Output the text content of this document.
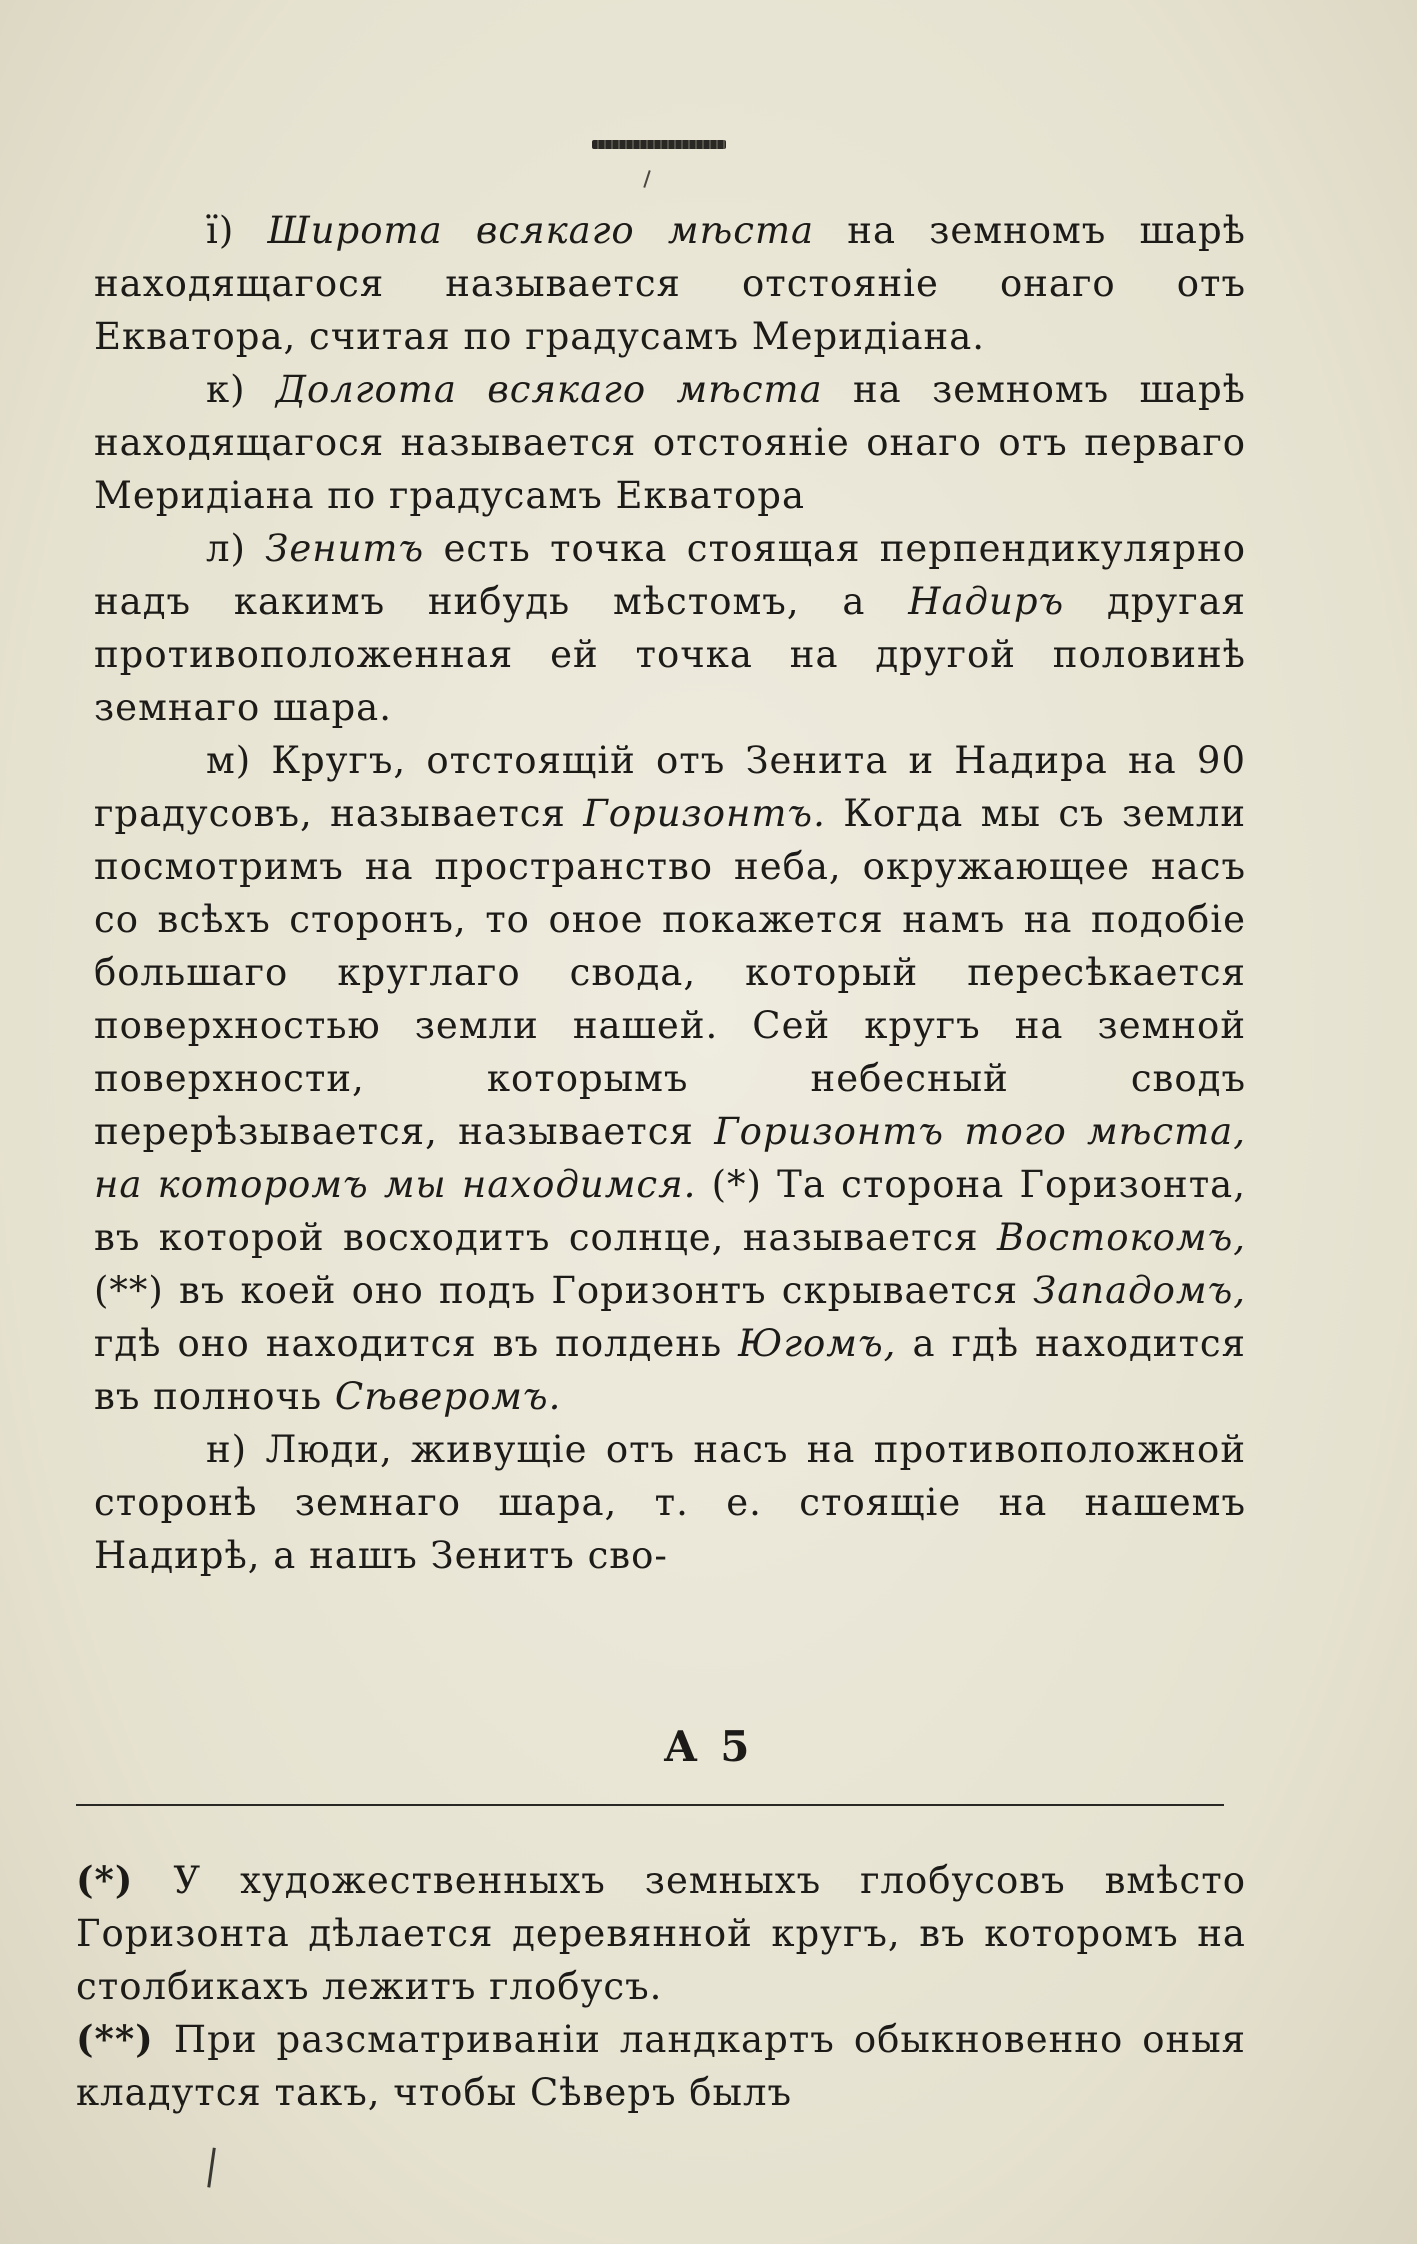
ї) Широта всякаго мѣста на земномъ шарѣ находящагося называется отстояніе онаго отъ Екватора, считая по градусамъ Меридіана.

к) Долгота всякаго мѣста на земномъ шарѣ находящагося называется отстояніе онаго отъ перваго Меридіана по градусамъ Екватора

л) Зенитъ есть точка стоящая перпендикулярно надъ какимъ нибудь мѣстомъ, а Надиръ другая противоположенная ей точка на другой половинѣ земнаго шара.

м) Кругъ, отстоящій отъ Зенита и Надира на 90 градусовъ, называется Горизонтъ. Когда мы съ земли посмотримъ на пространство неба, окружающее насъ со всѣхъ сторонъ, то оное покажется намъ на подобіе большаго круглаго свода, который пересѣкается поверхностью земли нашей. Сей кругъ на земной поверхности, которымъ небесный сводъ перерѣзывается, называется Горизонтъ того мѣста, на которомъ мы находимся. (*) Та сторона Горизонта, въ которой восходитъ солнце, называется Востокомъ, (**) въ коей оно подъ Горизонтъ скрывается Западомъ, гдѣ оно находится въ полдень Югомъ, а гдѣ находится въ полночь Сѣверомъ.

н) Люди, живущіе отъ насъ на противоположной сторонѣ земнаго шара, т. е. стоящіе на нашемъ Надирѣ, а нашъ Зенитъ сво-

А 5

(*) У художественныхъ земныхъ глобусовъ вмѣсто Горизонта дѣлается деревянной кругъ, въ которомъ на столбикахъ лежитъ глобусъ.

(**) При разсматриваніи ландкартъ обыкновенно оныя кладутся такъ, чтобы Сѣверъ былъ
